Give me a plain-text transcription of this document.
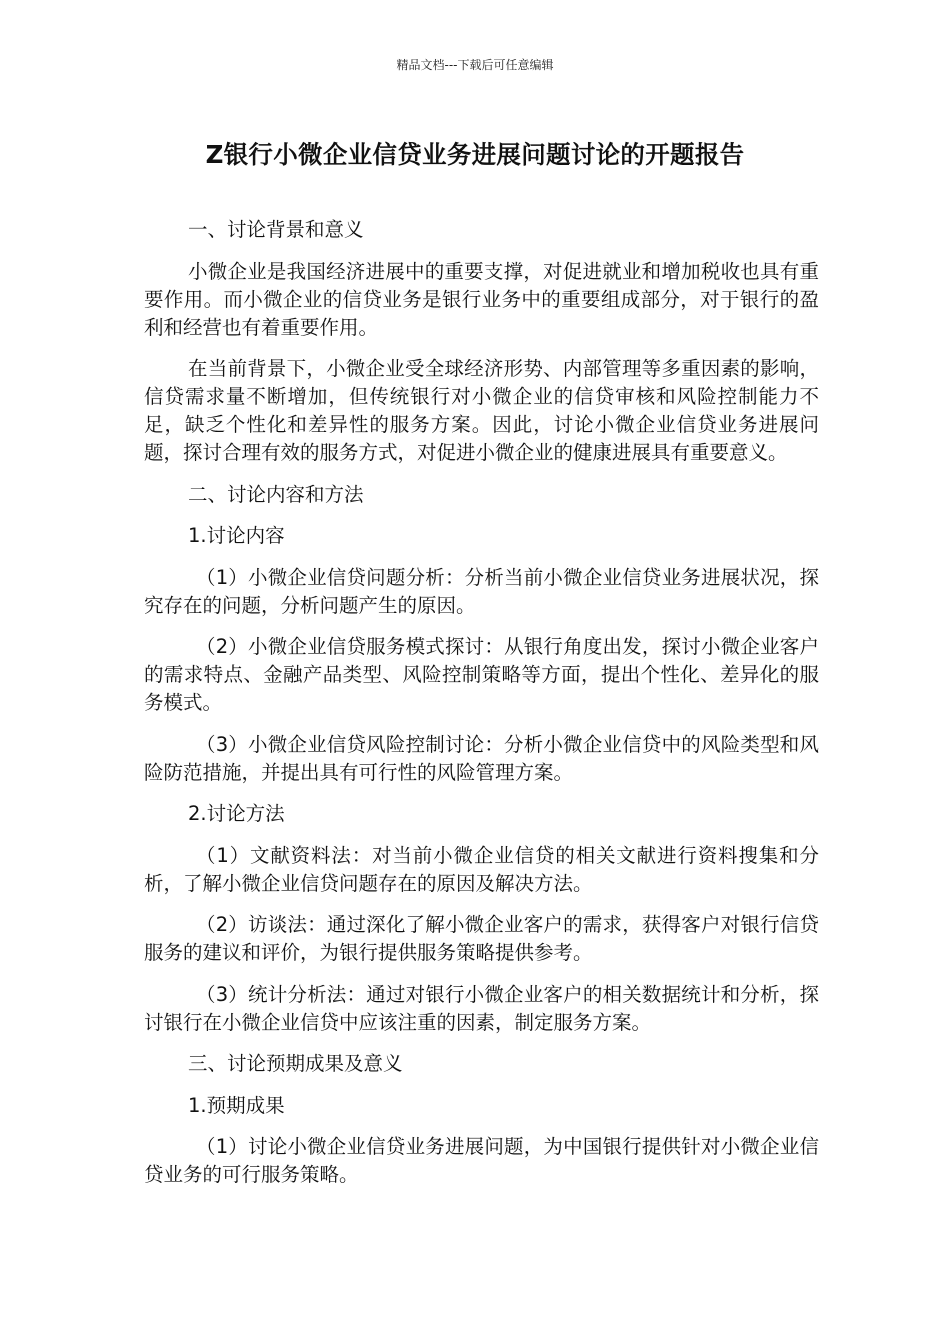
精品文档---下载后可任意编辑
Z银行小微企业信贷业务进展问题讨论的开题报告

一、讨论背景和意义

小微企业是我国经济进展中的重要支撑，对促进就业和增加税收也具有重要作用。而小微企业的信贷业务是银行业务中的重要组成部分，对于银行的盈利和经营也有着重要作用。

在当前背景下，小微企业受全球经济形势、内部管理等多重因素的影响，信贷需求量不断增加，但传统银行对小微企业的信贷审核和风险控制能力不足，缺乏个性化和差异性的服务方案。因此，讨论小微企业信贷业务进展问题，探讨合理有效的服务方式，对促进小微企业的健康进展具有重要意义。

二、讨论内容和方法

1.讨论内容

（1）小微企业信贷问题分析：分析当前小微企业信贷业务进展状况，探究存在的问题，分析问题产生的原因。

（2）小微企业信贷服务模式探讨：从银行角度出发，探讨小微企业客户的需求特点、金融产品类型、风险控制策略等方面，提出个性化、差异化的服务模式。

（3）小微企业信贷风险控制讨论：分析小微企业信贷中的风险类型和风险防范措施，并提出具有可行性的风险管理方案。

2.讨论方法

（1）文献资料法：对当前小微企业信贷的相关文献进行资料搜集和分析，了解小微企业信贷问题存在的原因及解决方法。

（2）访谈法：通过深化了解小微企业客户的需求，获得客户对银行信贷服务的建议和评价，为银行提供服务策略提供参考。

（3）统计分析法：通过对银行小微企业客户的相关数据统计和分析，探讨银行在小微企业信贷中应该注重的因素，制定服务方案。

三、讨论预期成果及意义

1.预期成果

（1）讨论小微企业信贷业务进展问题，为中国银行提供针对小微企业信贷业务的可行服务策略。
